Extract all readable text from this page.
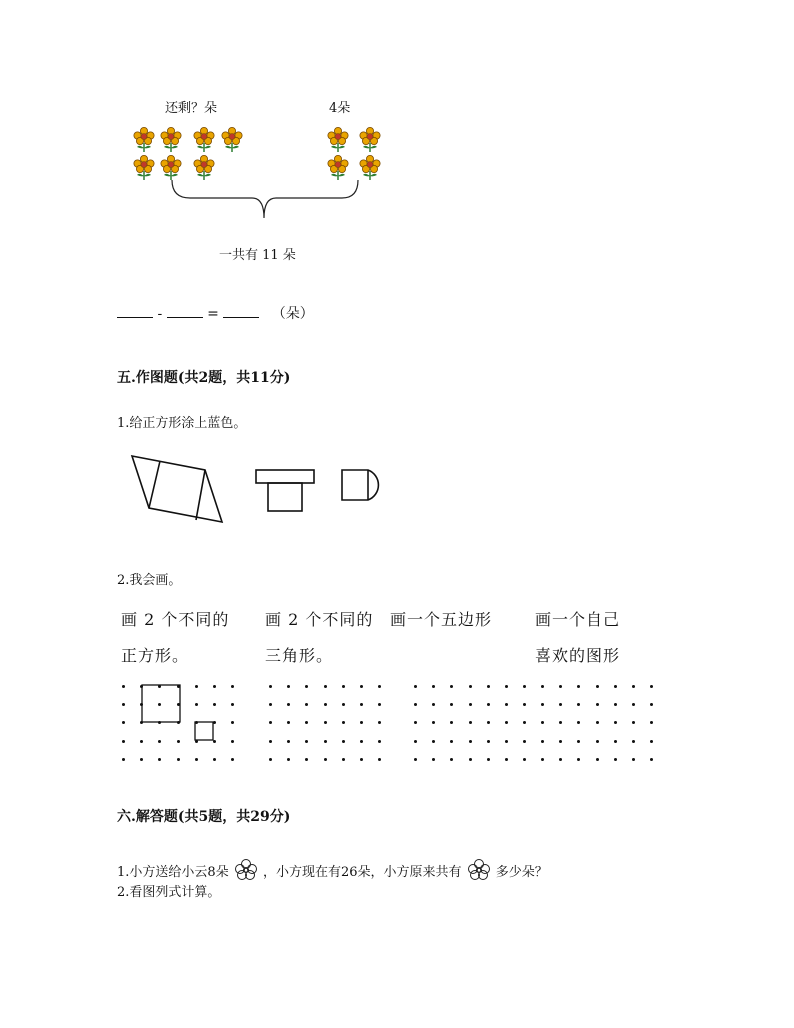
还剩？朵	4朵
一共有 11 朵
-	=	（朵）
五.作图题(共2题，共11分)
1.给正方形涂上蓝色。
2.我会画。
画 2 个不同的
正方形。
画 2 个不同的
三角形。
画一个五边形	画一个自己
喜欢的图形
六.解答题(共5题，共29分)
1.小方送给小云8朵	，小方现在有26朵，小方原来共有	多少朵？
2.看图列式计算。
